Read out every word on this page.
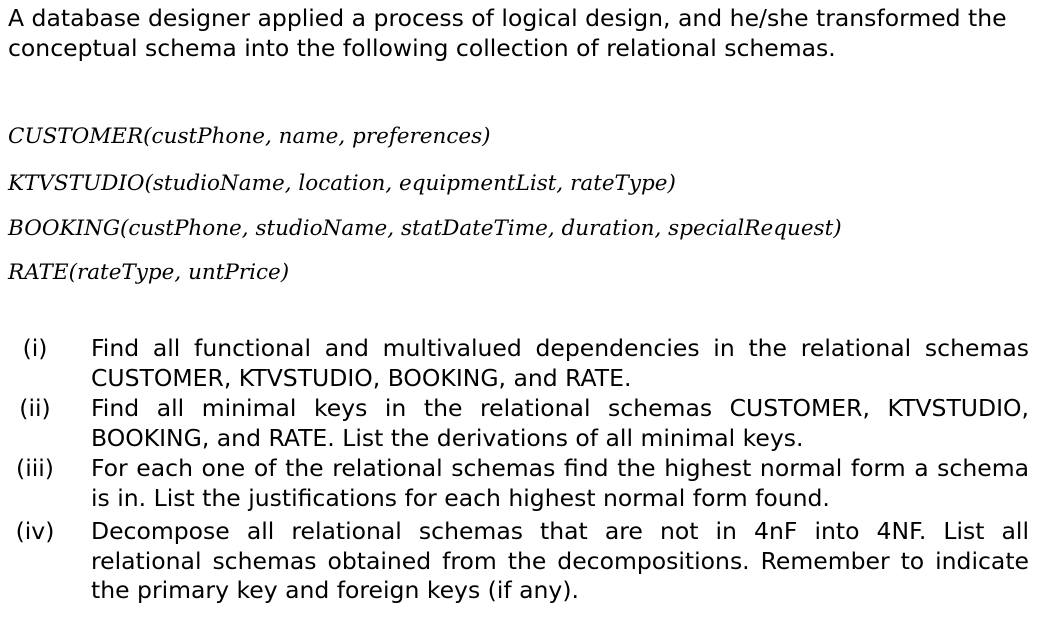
A database designer applied a process of logical design, and he/she transformed the conceptual schema into the following collection of relational schemas.

CUSTOMER(custPhone, name, preferences)
KTVSTUDIO(studioName, location, equipmentList, rateType)
BOOKING(custPhone, studioName, statDateTime, duration, specialRequest)
RATE(rateType, untPrice)
(i)	Find all functional and multivalued dependencies in the relational schemas CUSTOMER, KTVSTUDIO, BOOKING, and RATE.
(ii)	Find all minimal keys in the relational schemas CUSTOMER, KTVSTUDIO, BOOKING, and RATE. List the derivations of all minimal keys.
(iii)	For each one of the relational schemas find the highest normal form a schema is in. List the justifications for each highest normal form found.
(iv)	Decompose all relational schemas that are not in 4nF into 4NF. List all relational schemas obtained from the decompositions. Remember to indicate the primary key and foreign keys (if any).
